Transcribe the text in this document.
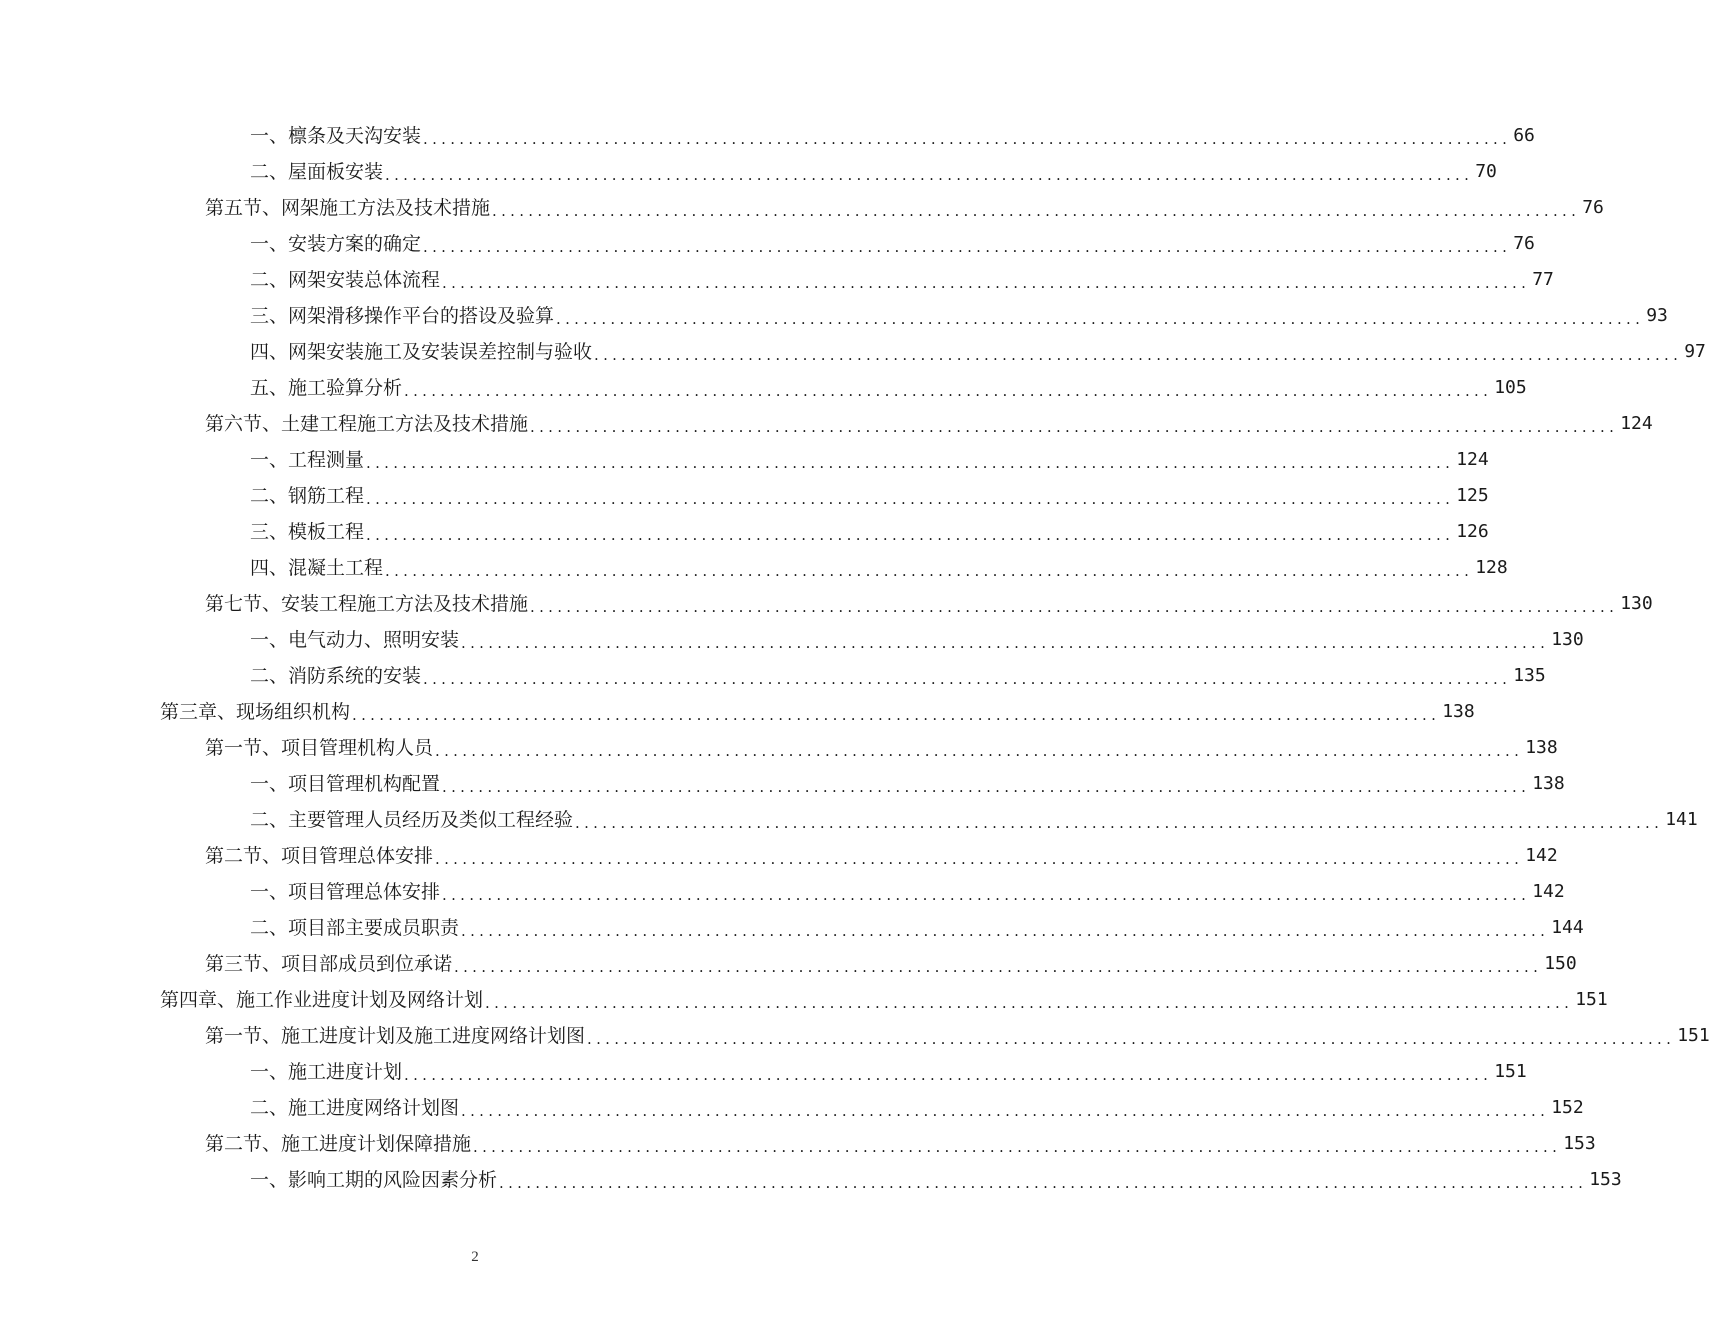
一、檩条及天沟安装 ........................................................................................................................ 66
二、屋面板安装 ........................................................................................................................ 70
第五节、网架施工方法及技术措施 ........................................................................................................................ 76
一、安装方案的确定 ........................................................................................................................ 76
二、网架安装总体流程 ........................................................................................................................ 77
三、网架滑移操作平台的搭设及验算 ........................................................................................................................ 93
四、网架安装施工及安装误差控制与验收 ........................................................................................................................ 97
五、施工验算分析 ........................................................................................................................ 105
第六节、土建工程施工方法及技术措施 ........................................................................................................................ 124
一、工程测量 ........................................................................................................................ 124
二、钢筋工程 ........................................................................................................................ 125
三、模板工程 ........................................................................................................................ 126
四、混凝土工程 ........................................................................................................................ 128
第七节、安装工程施工方法及技术措施 ........................................................................................................................ 130
一、电气动力、照明安装 ........................................................................................................................ 130
二、消防系统的安装 ........................................................................................................................ 135
第三章、现场组织机构 ........................................................................................................................ 138
第一节、项目管理机构人员 ........................................................................................................................ 138
一、项目管理机构配置 ........................................................................................................................ 138
二、主要管理人员经历及类似工程经验 ........................................................................................................................ 141
第二节、项目管理总体安排 ........................................................................................................................ 142
一、项目管理总体安排 ........................................................................................................................ 142
二、项目部主要成员职责 ........................................................................................................................ 144
第三节、项目部成员到位承诺 ........................................................................................................................ 150
第四章、施工作业进度计划及网络计划 ........................................................................................................................ 151
第一节、施工进度计划及施工进度网络计划图 ........................................................................................................................ 151
一、施工进度计划 ........................................................................................................................ 151
二、施工进度网络计划图 ........................................................................................................................ 152
第二节、施工进度计划保障措施 ........................................................................................................................ 153
一、影响工期的风险因素分析 ........................................................................................................................ 153
2
